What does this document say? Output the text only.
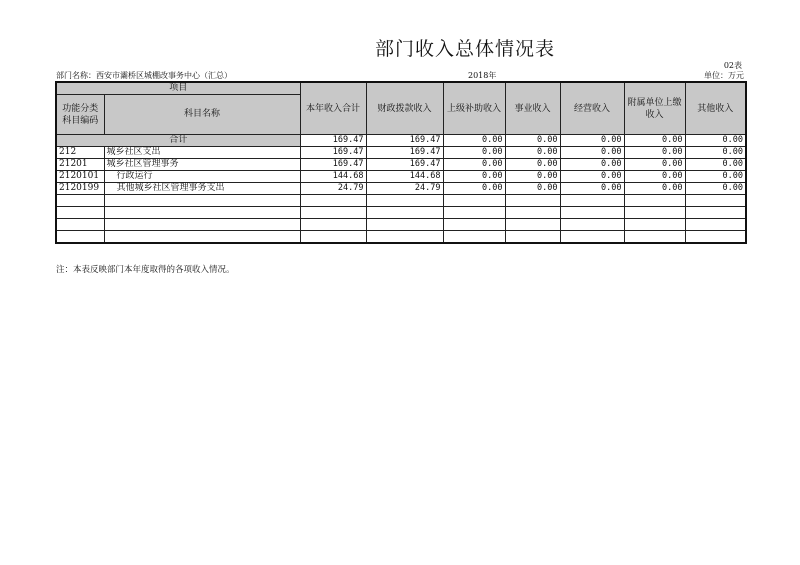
部门收入总体情况表
02表
部门名称：西安市灞桥区城棚改事务中心（汇总）	2018年	单位：万元
项目		本年收入合计	财政拨款收入	上级补助收入	事业收入	经营收入	附属单位上缴收入	其他收入
功能分类科目编码	科目名称							
合计		169.47	169.47	0.00	0.00	0.00	0.00	0.00
212	城乡社区支出	169.47	169.47	0.00	0.00	0.00	0.00	0.00
21201	城乡社区管理事务	169.47	169.47	0.00	0.00	0.00	0.00	0.00
2120101	行政运行	144.68	144.68	0.00	0.00	0.00	0.00	0.00
2120199	其他城乡社区管理事务支出	24.79	24.79	0.00	0.00	0.00	0.00	0.00

注：本表反映部门本年度取得的各项收入情况。
